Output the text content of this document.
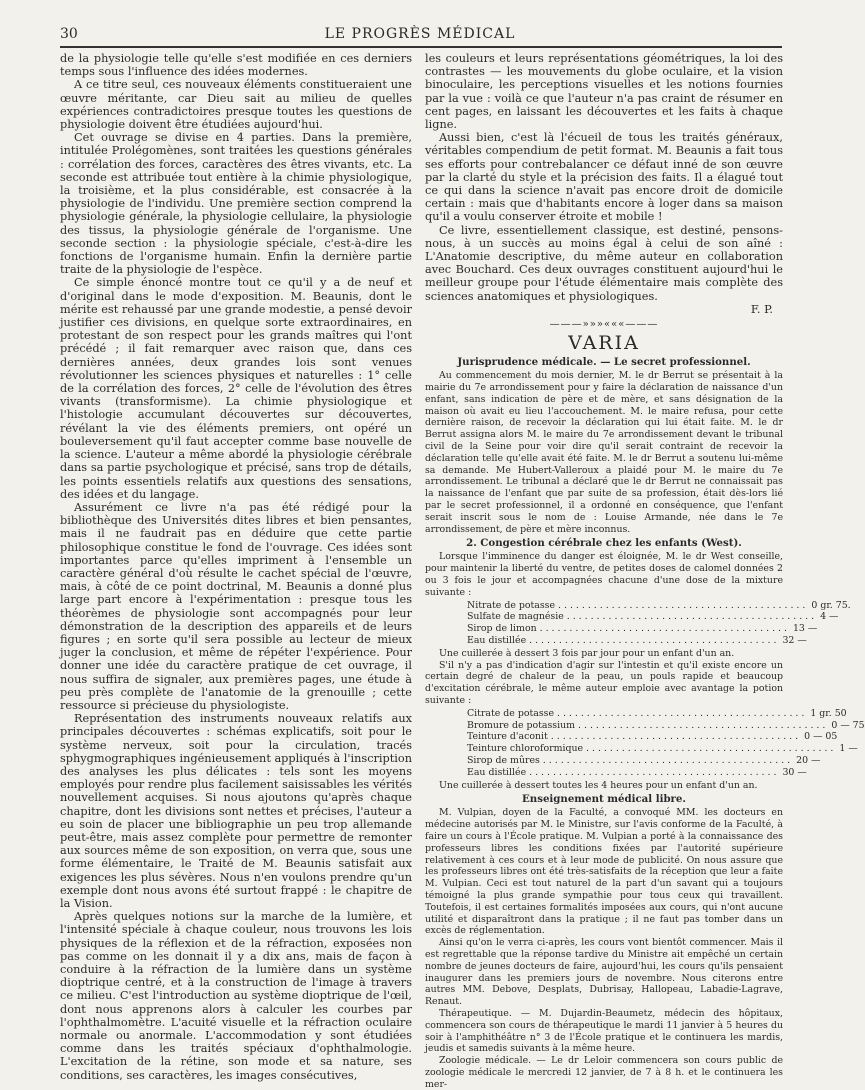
30	LE PROGRÈS MÉDICAL

de la physiologie telle qu'elle s'est modifiée en ces derniers temps sous l'influence des idées modernes.

A ce titre seul, ces nouveaux éléments constitueraient une œuvre méritante, car Dieu sait au milieu de quelles expériences contradictoires presque toutes les questions de physiologie doivent être étudiées aujourd'hui.

Cet ouvrage se divise en 4 parties. Dans la première, intitulée Prolégomènes, sont traitées les questions générales : corrélation des forces, caractères des êtres vivants, etc. La seconde est attribuée tout entière à la chimie physiologique, la troisième, et la plus considérable, est consacrée à la physiologie de l'individu. Une première section comprend la physiologie générale, la physiologie cellulaire, la physiologie des tissus, la physiologie générale de l'organisme. Une seconde section : la physiologie spéciale, c'est-à-dire les fonctions de l'organisme humain. Enfin la dernière partie traite de la physiologie de l'espèce.

Ce simple énoncé montre tout ce qu'il y a de neuf et d'original dans le mode d'exposition. M. Beaunis, dont le mérite est rehaussé par une grande modestie, a pensé devoir justifier ces divisions, en quelque sorte extraordinaires, en protestant de son respect pour les grands maîtres qui l'ont précédé ; il fait remarquer avec raison que, dans ces dernières années, deux grandes lois sont venues révolutionner les sciences physiques et naturelles : 1° celle de la corrélation des forces, 2° celle de l'évolution des êtres vivants (transformisme). La chimie physiologique et l'histologie accumulant découvertes sur découvertes, révélant la vie des éléments premiers, ont opéré un bouleversement qu'il faut accepter comme base nouvelle de la science. L'auteur a même abordé la physiologie cérébrale dans sa partie psychologique et précisé, sans trop de détails, les points essentiels relatifs aux questions des sensations, des idées et du langage.

Assurément ce livre n'a pas été rédigé pour la bibliothèque des Universités dites libres et bien pensantes, mais il ne faudrait pas en déduire que cette partie philosophique constitue le fond de l'ouvrage. Ces idées sont importantes parce qu'elles impriment à l'ensemble un caractère général d'où résulte le cachet spécial de l'œuvre, mais, à côté de ce point doctrinal, M. Beaunis a donné plus large part encore à l'expérimentation : presque tous les théorèmes de physiologie sont accompagnés pour leur démonstration de la description des appareils et de leurs figures ; en sorte qu'il sera possible au lecteur de mieux juger la conclusion, et même de répéter l'expérience. Pour donner une idée du caractère pratique de cet ouvrage, il nous suffira de signaler, aux premières pages, une étude à peu près complète de l'anatomie de la grenouille ; cette ressource si précieuse du physiologiste.

Représentation des instruments nouveaux relatifs aux principales découvertes : schémas explicatifs, soit pour le système nerveux, soit pour la circulation, tracés sphygmographiques ingénieusement appliqués à l'inscription des analyses les plus délicates : tels sont les moyens employés pour rendre plus facilement saisissables les vérités nouvellement acquises. Si nous ajoutons qu'après chaque chapitre, dont les divisions sont nettes et précises, l'auteur a eu soin de placer une bibliographie un peu trop allemande peut-être, mais assez complète pour permettre de remonter aux sources même de son exposition, on verra que, sous une forme élémentaire, le Traité de M. Beaunis satisfait aux exigences les plus sévères. Nous n'en voulons prendre qu'un exemple dont nous avons été surtout frappé : le chapitre de la Vision.

Après quelques notions sur la marche de la lumière, et l'intensité spéciale à chaque couleur, nous trouvons les lois physiques de la réflexion et de la réfraction, exposées non pas comme on les donnait il y a dix ans, mais de façon à conduire à la réfraction de la lumière dans un système dioptrique centré, et à la construction de l'image à travers ce milieu. C'est l'introduction au système dioptrique de l'œil, dont nous apprenons alors à calculer les courbes par l'ophthalmomètre. L'acuité visuelle et la réfraction oculaire normale ou anormale. L'accommodation y sont étudiées comme dans les traités spéciaux d'ophthalmologie. L'excitation de la rétine, son mode et sa nature, ses conditions, ses caractères, les images consécutives,

les couleurs et leurs représentations géométriques, la loi des contrastes — les mouvements du globe oculaire, et la vision binoculaire, les perceptions visuelles et les notions fournies par la vue : voilà ce que l'auteur n'a pas craint de résumer en cent pages, en laissant les découvertes et les faits à chaque ligne.

Aussi bien, c'est là l'écueil de tous les traités généraux, véritables compendium de petit format. M. Beaunis a fait tous ses efforts pour contrebalancer ce défaut inné de son œuvre par la clarté du style et la précision des faits. Il a élagué tout ce qui dans la science n'avait pas encore droit de domicile certain : mais que d'habitants encore à loger dans sa maison qu'il a voulu conserver étroite et mobile !

Ce livre, essentiellement classique, est destiné, pensons-nous, à un succès au moins égal à celui de son aîné : L'Anatomie descriptive, du même auteur en collaboration avec Bouchard. Ces deux ouvrages constituent aujourd'hui le meilleur groupe pour l'étude élémentaire mais complète des sciences anatomiques et physiologiques.

F. P.
———»»»«««———
VARIA
Jurisprudence médicale. — Le secret professionnel.

Au commencement du mois dernier, M. le dr Berrut se présentait à la mairie du 7e arrondissement pour y faire la déclaration de naissance d'un enfant, sans indication de père et de mère, et sans désignation de la maison où avait eu lieu l'accouchement. M. le maire refusa, pour cette dernière raison, de recevoir la déclaration qui lui était faite. M. le dr Berrut assigna alors M. le maire du 7e arrondissement devant le tribunal civil de la Seine pour voir dire qu'il serait contraint de recevoir la déclaration telle qu'elle avait été faite. M. le dr Berrut a soutenu lui-même sa demande. Me Hubert-Valleroux a plaidé pour M. le maire du 7e arrondissement. Le tribunal a déclaré que le dr Berrut ne connaissait pas la naissance de l'enfant que par suite de sa profession, était dès-lors lié par le secret professionnel, il a ordonné en conséquence, que l'enfant serait inscrit sous le nom de : Louise Armande, née dans le 7e arrondissement, de père et mère inconnus.

2. Congestion cérébrale chez les enfants (West).

Lorsque l'imminence du danger est éloignée, M. le dr West conseille, pour maintenir la liberté du ventre, de petites doses de calomel données 2 ou 3 fois le jour et accompagnées chacune d'une dose de la mixture suivante :

Nitrate de potasse . . .	0 gr. 75.
Sulfate de magnésie . . .	4 —
Sirop de limon . . .	13 —
Eau distillée . . .	32 —

Une cuillerée à dessert 3 fois par jour pour un enfant d'un an.

S'il n'y a pas d'indication d'agir sur l'intestin et qu'il existe encore un certain degré de chaleur de la peau, un pouls rapide et beaucoup d'excitation cérébrale, le même auteur emploie avec avantage la potion suivante :

Citrate de potasse . . .	1 gr. 50
Bromure de potassium . . .	0 — 75
Teinture d'aconit . . .	0 — 05
Teinture chloroformique . . .	1 —
Sirop de mûres . . .	20 —
Eau distillée . . .	30 —

Une cuillerée à dessert toutes les 4 heures pour un enfant d'un an.

Enseignement médical libre.

M. Vulpian, doyen de la Faculté, a convoqué MM. les docteurs en médecine autorisés par M. le Ministre, sur l'avis conforme de la Faculté, à faire un cours à l'École pratique. M. Vulpian a porté à la connaissance des professeurs libres les conditions fixées par l'autorité supérieure relativement à ces cours et à leur mode de publicité. On nous assure que les professeurs libres ont été très-satisfaits de la réception que leur a faite M. Vulpian. Ceci est tout naturel de la part d'un savant qui a toujours témoigné la plus grande sympathie pour tous ceux qui travaillent. Toutefois, il est certaines formalités imposées aux cours, qui n'ont aucune utilité et disparaîtront dans la pratique ; il ne faut pas tomber dans un excès de réglementation.

Ainsi qu'on le verra ci-après, les cours vont bientôt commencer. Mais il est regrettable que la réponse tardive du Ministre ait empêché un certain nombre de jeunes docteurs de faire, aujourd'hui, les cours qu'ils pensaient inaugurer dans les premiers jours de novembre. Nous citerons entre autres MM. Debove, Desplats, Dubrisay, Hallopeau, Labadie-Lagrave, Renaut.

Thérapeutique. — M. Dujardin-Beaumetz, médecin des hôpitaux, commencera son cours de thérapeutique le mardi 11 janvier à 5 heures du soir à l'amphithéâtre n° 3 de l'École pratique et le continuera les mardis, jeudis et samedis suivants à la même heure.

Zoologie médicale. — Le dr Leloir commencera son cours public de zoologie médicale le mercredi 12 janvier, de 7 à 8 h. et le continuera les mer-
